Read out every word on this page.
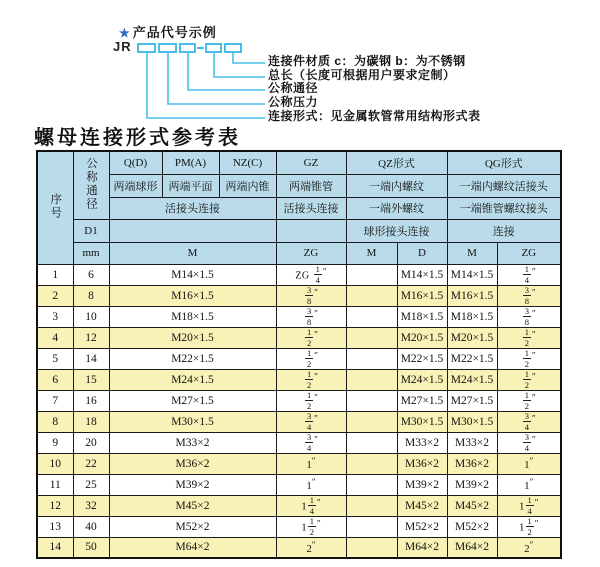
★ 产品代号示例
JR
连接件材质 c：为碳钢 b：为不锈钢
总长（长度可根据用户要求定制）
公称通径
公称压力
连接形式：见金属软管常用结构形式表
螺母连接形式参考表
序号	公称通径	Q(D)	PM(A)	NZ(C)	GZ	QZ形式		QG形式	
		两端球形	两端平面	两端内锥	两端锥管	一端内螺纹		一端内螺纹活接头	
		活接头连接			活接头连接	一端外螺纹		一端锥管螺纹接头	
	D1					球形接头连接		连接	
	mm	M			ZG	M	D	M	ZG
1	6	M14×1.5			ZG $\frac{1}{4} ''$		M14×1.5	M14×1.5	$\frac{1}{4} ''$
2	8	M16×1.5			$\frac{3}{8} ''$		M16×1.5	M16×1.5	$\frac{3}{8} ''$
3	10	M18×1.5			$\frac{3}{8} ''$		M18×1.5	M18×1.5	$\frac{3}{8} ''$
4	12	M20×1.5			$\frac{1}{2} ''$		M20×1.5	M20×1.5	$\frac{1}{2} ''$
5	14	M22×1.5			$\frac{1}{2} ''$		M22×1.5	M22×1.5	$\frac{1}{2} ''$
6	15	M24×1.5			$\frac{1}{2} ''$		M24×1.5	M24×1.5	$\frac{1}{2} ''$
7	16	M27×1.5			$\frac{1}{2} ''$		M27×1.5	M27×1.5	$\frac{1}{2} ''$
8	18	M30×1.5			$\frac{3}{4} ''$		M30×1.5	M30×1.5	$\frac{3}{4} ''$
9	20	M33×2			$\frac{3}{4} ''$		M33×2	M33×2	$\frac{3}{4} ''$
10	22	M36×2			1″		M36×2	M36×2	1″
11	25	M39×2			1″		M39×2	M39×2	1″
12	32	M45×2			$1 \frac{1}{4} ''$		M45×2	M45×2	$1 \frac{1}{4} ''$
13	40	M52×2			$1 \frac{1}{2} ''$		M52×2	M52×2	$1 \frac{1}{2} ''$
14	50	M64×2			2″		M64×2	M64×2	2″
